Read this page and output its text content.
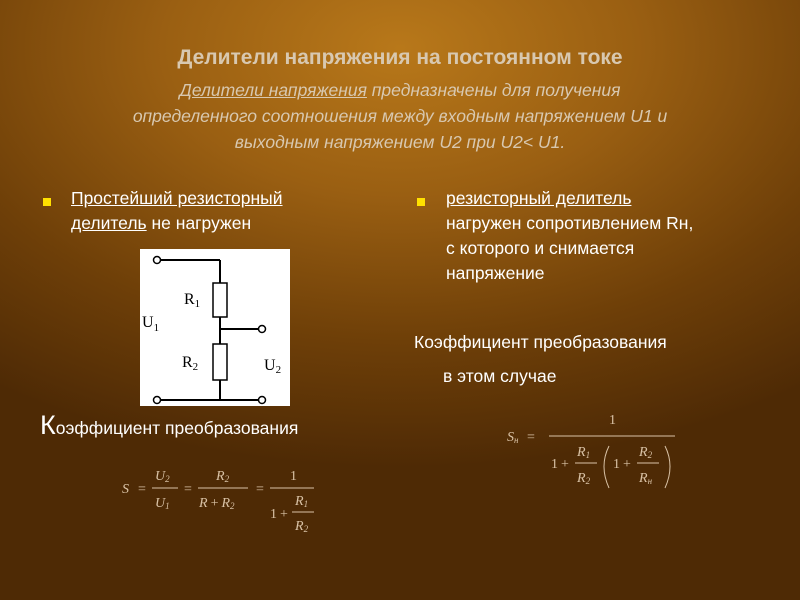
Делители напряжения на постоянном токе
Делители напряжения предназначены для получения
определенного соотношения между входным напряжением U1 и
выходным напряжением U2 при U2< U1.
Простейший резисторный
делитель не нагружен
R1
$U_1$
R2	U2
Коэффициент преобразования
S =
U2
U1
=
R2
R + R2
=
1
1 +
R1
R2
резисторный делитель
нагружен сопротивлением Rн,
с которого и снимается
напряжение
Коэффициент преобразования
в этом случае
Sн =
1
1 +
R1
R2
1 +
R2
Rн
